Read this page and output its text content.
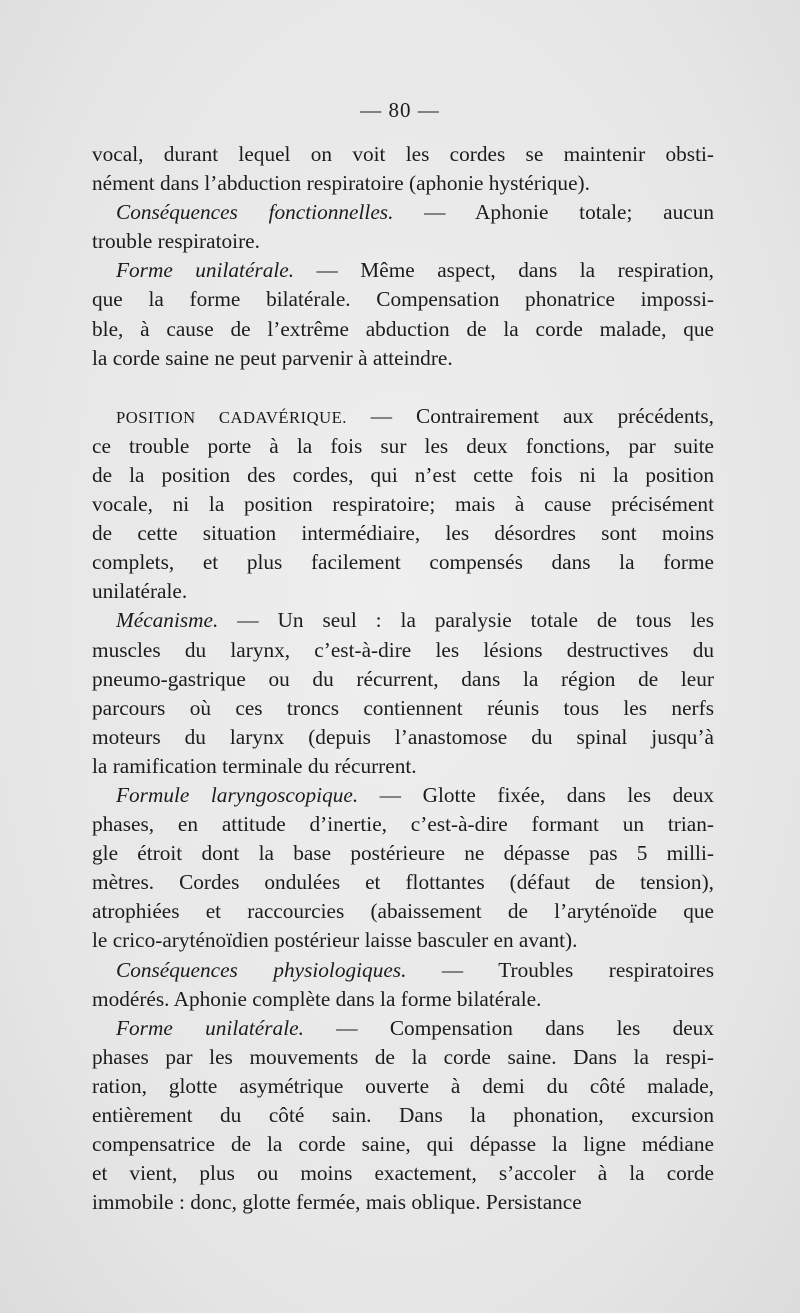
— 80 —
vocal, durant lequel on voit les cordes se maintenir obsti-
nément dans l’abduction respiratoire (aphonie hystérique).
Conséquences fonctionnelles. — Aphonie totale; aucun
trouble respiratoire.
Forme unilatérale. — Même aspect, dans la respiration,
que la forme bilatérale. Compensation phonatrice impossi-
ble, à cause de l’extrême abduction de la corde malade, que
la corde saine ne peut parvenir à atteindre.
POSITION CADAVÉRIQUE. — Contrairement aux précédents,
ce trouble porte à la fois sur les deux fonctions, par suite
de la position des cordes, qui n’est cette fois ni la position
vocale, ni la position respiratoire; mais à cause précisément
de cette situation intermédiaire, les désordres sont moins
complets, et plus facilement compensés dans la forme
unilatérale.
Mécanisme. — Un seul : la paralysie totale de tous les
muscles du larynx, c’est-à-dire les lésions destructives du
pneumo-gastrique ou du récurrent, dans la région de leur
parcours où ces troncs contiennent réunis tous les nerfs
moteurs du larynx (depuis l’anastomose du spinal jusqu’à
la ramification terminale du récurrent.
Formule laryngoscopique. — Glotte fixée, dans les deux
phases, en attitude d’inertie, c’est-à-dire formant un trian-
gle étroit dont la base postérieure ne dépasse pas 5 milli-
mètres. Cordes ondulées et flottantes (défaut de tension),
atrophiées et raccourcies (abaissement de l’aryténoïde que
le crico-aryténoïdien postérieur laisse basculer en avant).
Conséquences physiologiques. — Troubles respiratoires
modérés. Aphonie complète dans la forme bilatérale.
Forme unilatérale. — Compensation dans les deux
phases par les mouvements de la corde saine. Dans la respi-
ration, glotte asymétrique ouverte à demi du côté malade,
entièrement du côté sain. Dans la phonation, excursion
compensatrice de la corde saine, qui dépasse la ligne médiane
et vient, plus ou moins exactement, s’accoler à la corde
immobile : donc, glotte fermée, mais oblique. Persistance
